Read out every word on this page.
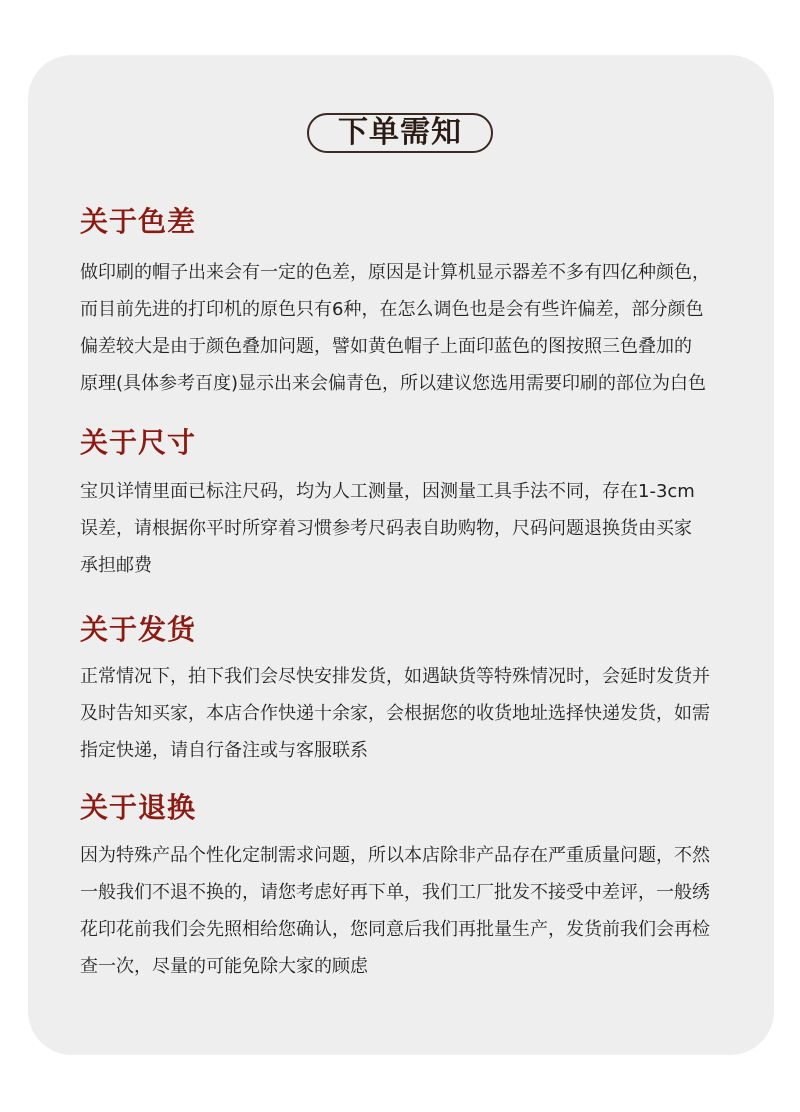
下单需知
关于色差
做印刷的帽子出来会有一定的色差，原因是计算机显示器差不多有四亿种颜色，
而目前先进的打印机的原色只有6种，在怎么调色也是会有些许偏差，部分颜色
偏差较大是由于颜色叠加问题，譬如黄色帽子上面印蓝色的图按照三色叠加的
原理(具体参考百度)显示出来会偏青色，所以建议您选用需要印刷的部位为白色
关于尺寸
宝贝详情里面已标注尺码，均为人工测量，因测量工具手法不同，存在1-3cm
误差，请根据你平时所穿着习惯参考尺码表自助购物，尺码问题退换货由买家
承担邮费
关于发货
正常情况下，拍下我们会尽快安排发货，如遇缺货等特殊情况时，会延时发货并
及时告知买家，本店合作快递十余家，会根据您的收货地址选择快递发货，如需
指定快递，请自行备注或与客服联系
关于退换
因为特殊产品个性化定制需求问题，所以本店除非产品存在严重质量问题，不然
一般我们不退不换的，请您考虑好再下单，我们工厂批发不接受中差评，一般绣
花印花前我们会先照相给您确认，您同意后我们再批量生产，发货前我们会再检
查一次，尽量的可能免除大家的顾虑
